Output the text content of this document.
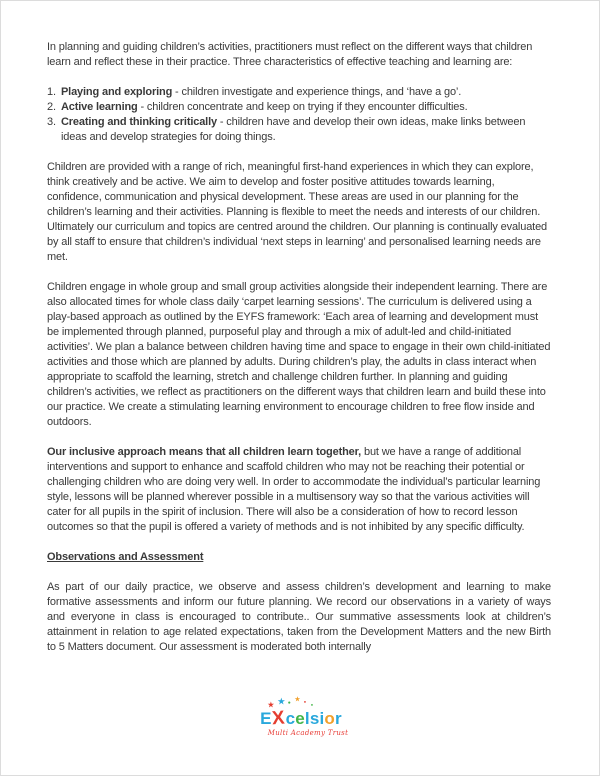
In planning and guiding children’s activities, practitioners must reflect on the different ways that children learn and reflect these in their practice. Three characteristics of effective teaching and learning are:

1. Playing and exploring - children investigate and experience things, and ‘have a go’.
2. Active learning - children concentrate and keep on trying if they encounter difficulties.
3. Creating and thinking critically - children have and develop their own ideas, make links between ideas and develop strategies for doing things.

Children are provided with a range of rich, meaningful first-hand experiences in which they can explore, think creatively and be active. We aim to develop and foster positive attitudes towards learning, confidence, communication and physical development. These areas are used in our planning for the children’s learning and their activities. Planning is flexible to meet the needs and interests of our children. Ultimately our curriculum and topics are centred around the children. Our planning is continually evaluated by all staff to ensure that children’s individual ‘next steps in learning’ and personalised learning needs are met.

Children engage in whole group and small group activities alongside their independent learning. There are also allocated times for whole class daily ‘carpet learning sessions’. The curriculum is delivered using a play-based approach as outlined by the EYFS framework: ‘Each area of learning and development must be implemented through planned, purposeful play and through a mix of adult-led and child-initiated activities’. We plan a balance between children having time and space to engage in their own child-initiated activities and those which are planned by adults. During children’s play, the adults in class interact when appropriate to scaffold the learning, stretch and challenge children further. In planning and guiding children’s activities, we reflect as practitioners on the different ways that children learn and build these into our practice. We create a stimulating learning environment to encourage children to free flow inside and outdoors.

Our inclusive approach means that all children learn together, but we have a range of additional interventions and support to enhance and scaffold children who may not be reaching their potential or challenging children who are doing very well. In order to accommodate the individual’s particular learning style, lessons will be planned wherever possible in a multisensory way so that the various activities will cater for all pupils in the spirit of inclusion. There will also be a consideration of how to record lesson outcomes so that the pupil is offered a variety of methods and is not inhibited by any specific difficulty.

Observations and Assessment

As part of our daily practice, we observe and assess children’s development and learning to make formative assessments and inform our future planning. We record our observations in a variety of ways and everyone in class is encouraged to contribute.. Our summative assessments look at children’s attainment in relation to age related expectations, taken from the Development Matters and the new Birth to 5 Matters document. Our assessment is moderated both internally

★ ★ ● ★ ●
●
EXcelsior
Multi Academy Trust
